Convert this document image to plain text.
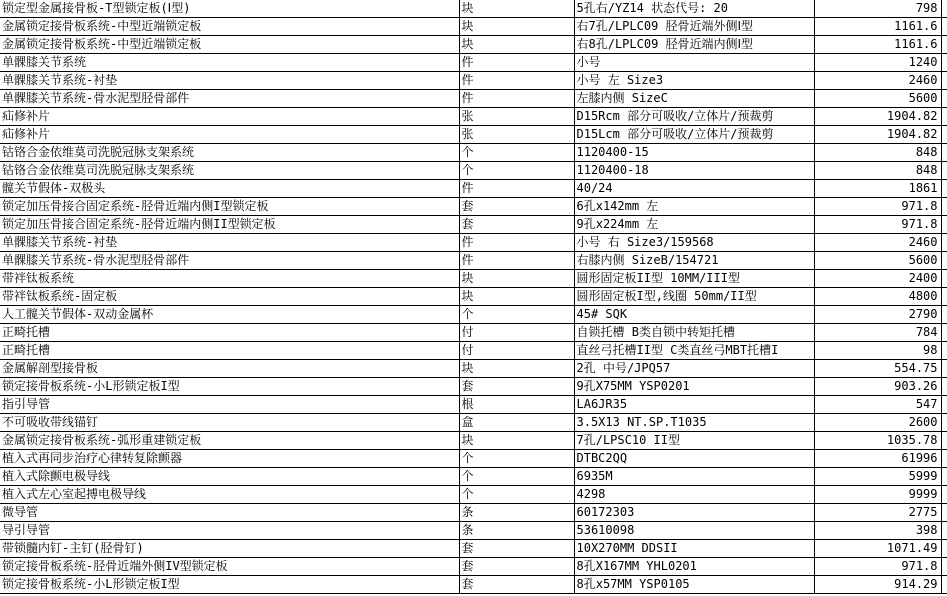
锁定型金属接骨板-T型锁定板(Ⅰ型)	块	5孔右/YZ14 状态代号: 20	798	
金属锁定接骨板系统-中型近端锁定板	块	右7孔/LPLC09 胫骨近端外侧Ⅰ型	1161.6	
金属锁定接骨板系统-中型近端锁定板	块	右8孔/LPLC09 胫骨近端内侧Ⅰ型	1161.6	
单髁膝关节系统	件	小号	1240	
单髁膝关节系统-衬垫	件	小号 左 Size3	2460	
单髁膝关节系统-骨水泥型胫骨部件	件	左膝内侧 SizeC	5600	
疝修补片	张	D15Rcm 部分可吸收/立体片/预裁剪	1904.82	
疝修补片	张	D15Lcm 部分可吸收/立体片/预裁剪	1904.82	
钴铬合金依维莫司洗脱冠脉支架系统	个	1120400-15	848	
钴铬合金依维莫司洗脱冠脉支架系统	个	1120400-18	848	
髋关节假体-双极头	件	40/24	1861	
锁定加压骨接合固定系统-胫骨近端内侧I型锁定板	套	6孔x142mm 左	971.8	
锁定加压骨接合固定系统-胫骨近端内侧II型锁定板	套	9孔x224mm 左	971.8	
单髁膝关节系统-衬垫	件	小号 右 Size3/159568	2460	
单髁膝关节系统-骨水泥型胫骨部件	件	右膝内侧 SizeB/154721	5600	
带袢钛板系统	块	圆形固定板II型 10MM/III型	2400	
带袢钛板系统-固定板	块	圆形固定板I型,线圈 50mm/II型	4800	
人工髋关节假体-双动金属杯	个	45# SQK	2790	
正畸托槽	付	自锁托槽 B类自锁中转矩托槽	784	
正畸托槽	付	直丝弓托槽II型 C类直丝弓MBT托槽I	98	
金属解剖型接骨板	块	2孔 中号/JPQ57	554.75	
锁定接骨板系统-小L形锁定板I型	套	9孔X75MM YSP0201	903.26	
指引导管	根	LA6JR35	547	
不可吸收带线锚钉	盒	3.5X13 NT.SP.T1035	2600	
金属锁定接骨板系统-弧形重建锁定板	块	7孔/LPSC10 II型	1035.78	
植入式再同步治疗心律转复除颤器	个	DTBC2QQ	61996	
植入式除颤电极导线	个	6935M	5999	
植入式左心室起搏电极导线	个	4298	9999	
微导管	条	60172303	2775	
导引导管	条	53610098	398	
带锁髓内钉-主钉(胫骨钉)	套	10X270MM DDSII	1071.49	
锁定接骨板系统-胫骨近端外侧IV型锁定板	套	8孔X167MM YHL0201	971.8	
锁定接骨板系统-小L形锁定板I型	套	8孔x57MM YSP0105	914.29	
